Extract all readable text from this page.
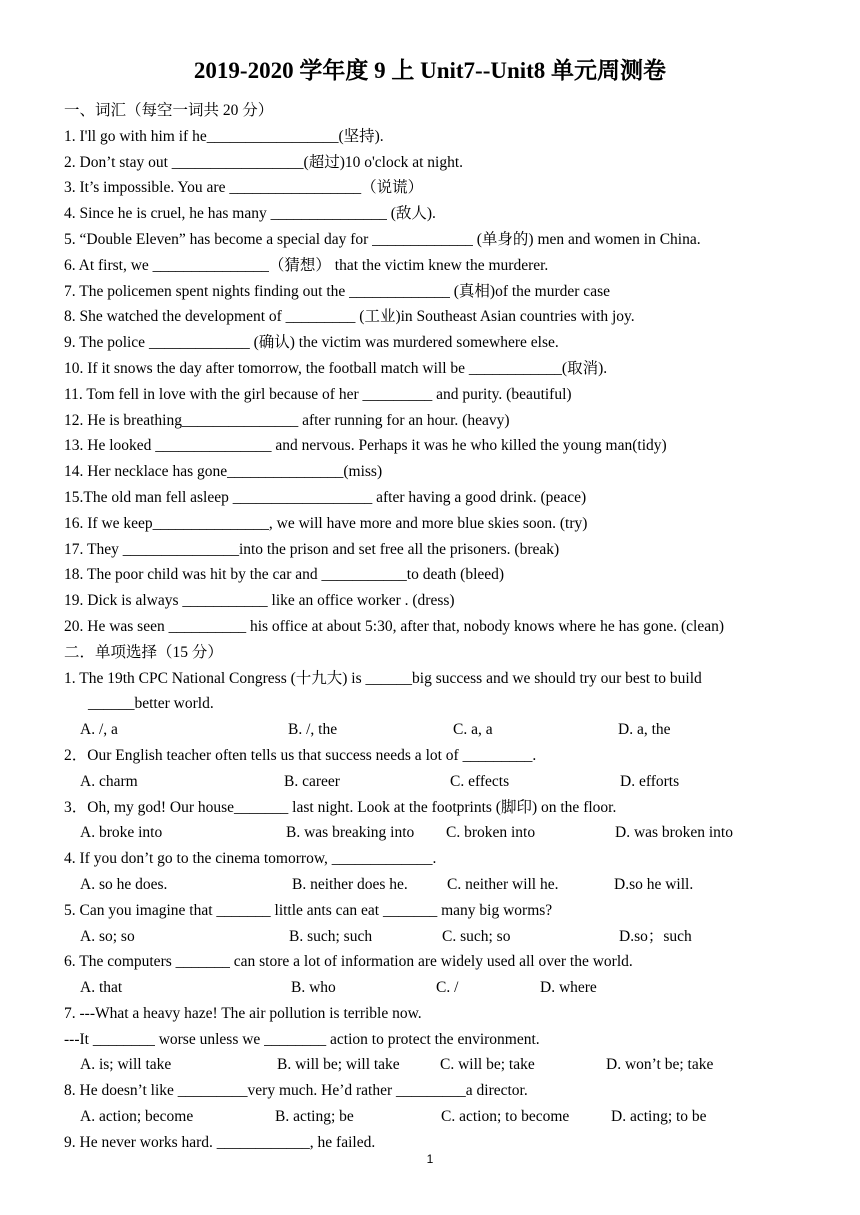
2019-2020 学年度 9 上 Unit7--Unit8 单元周测卷
一、词汇（每空一词共 20 分）
1. I'll go with him if he_________________(坚持).
2. Don’t stay out _________________(超过)10 o'clock at night.
3. It’s impossible. You are _________________（说谎）
4. Since he is cruel, he has many _______________ (敌人).
5. “Double Eleven” has become a special day for _____________ (单身的) men and women in China.
6. At first, we _______________（猜想） that the victim knew the murderer.
7. The policemen spent nights finding out the _____________ (真相)of the murder case
8. She watched the development of _________ (工业)in Southeast Asian countries with joy.
9. The police _____________ (确认) the victim was murdered somewhere else.
10. If it snows the day after tomorrow, the football match will be ____________(取消).
11. Tom fell in love with the girl because of her _________ and purity. (beautiful)
12. He is breathing_______________ after running for an hour. (heavy)
13. He looked _______________ and nervous. Perhaps it was he who killed the young man(tidy)
14. Her necklace has gone_______________(miss)
15.The old man fell asleep __________________ after having a good drink. (peace)
16. If we keep_______________, we will have more and more blue skies soon. (try)
17. They _______________into the prison and set free all the prisoners. (break)
18. The poor child was hit by the car and ___________to death (bleed)
19. Dick is always ___________ like an office worker . (dress)
20. He was seen __________ his office at about 5:30, after that, nobody knows where he has gone. (clean)
二．单项选择（15 分）
1. The 19th CPC National Congress (十九大) is ______big success and we should try our best to build
______better world.
A. /, a	B. /, the	C. a, a	D. a, the
2．Our English teacher often tells us that success needs a lot of _________.
A. charm	B. career	C. effects	D. efforts
3．Oh, my god! Our house_______ last night. Look at the footprints (脚印) on the floor.
A. broke into	B. was breaking into C. broken into	D. was broken into
4. If you don’t go to the cinema tomorrow, _____________.
A. so he does.	B. neither does he.	C. neither will he.	D.so he will.
5. Can you imagine that _______ little ants can eat _______ many big worms?
A. so; so	B. such; such	C. such; so	D.so；such
6. The computers _______ can store a lot of information are widely used all over the world.
A. that	B. who	C. /	D. where
7. ---What a heavy haze! The air pollution is terrible now.
---It ________ worse unless we ________ action to protect the environment.
A. is; will take	B. will be; will take	C. will be; take	D. won’t be; take
8. He doesn’t like _________very much. He’d rather _________a director.
A. action; become	B. acting; be	C. action; to become	D. acting; to be
9. He never works hard. ____________, he failed.
1
